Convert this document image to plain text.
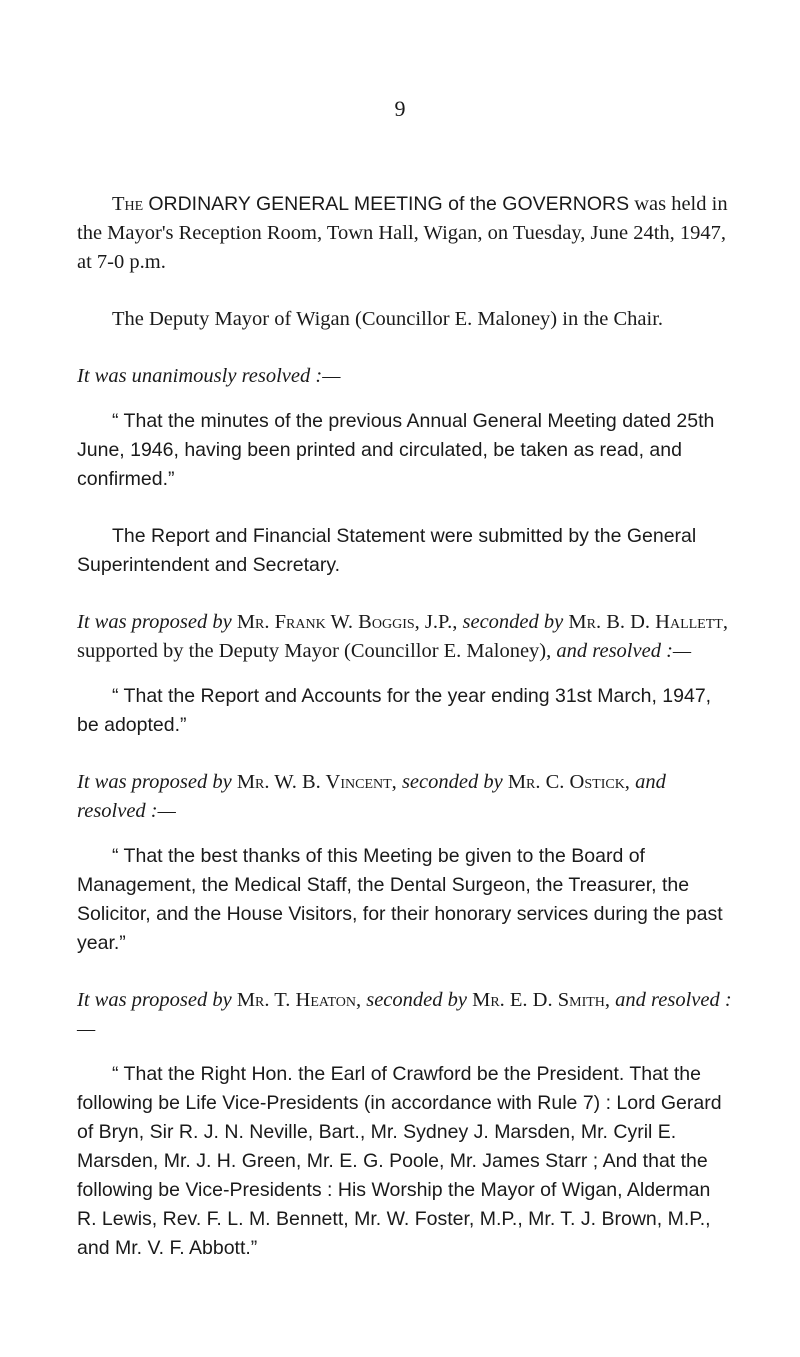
9
The ORDINARY GENERAL MEETING of the GOVERNORS was held in the Mayor's Reception Room, Town Hall, Wigan, on Tuesday, June 24th, 1947, at 7-0 p.m.
The Deputy Mayor of Wigan (Councillor E. Maloney) in the Chair.
It was unanimously resolved :—
“ That the minutes of the previous Annual General Meeting dated 25th June, 1946, having been printed and circulated, be taken as read, and confirmed.”
The Report and Financial Statement were submitted by the General Superintendent and Secretary.
It was proposed by Mr. Frank W. Boggis, J.P., seconded by Mr. B. D. Hallett, supported by the Deputy Mayor (Councillor E. Maloney), and resolved :—
“ That the Report and Accounts for the year ending 31st March, 1947, be adopted.”
It was proposed by Mr. W. B. Vincent, seconded by Mr. C. Ostick, and resolved :—
“ That the best thanks of this Meeting be given to the Board of Management, the Medical Staff, the Dental Surgeon, the Treasurer, the Solicitor, and the House Visitors, for their honorary services during the past year.”
It was proposed by Mr. T. Heaton, seconded by Mr. E. D. Smith, and resolved :—
“ That the Right Hon. the Earl of Crawford be the President. That the following be Life Vice-Presidents (in accordance with Rule 7) : Lord Gerard of Bryn, Sir R. J. N. Neville, Bart., Mr. Sydney J. Marsden, Mr. Cyril E. Marsden, Mr. J. H. Green, Mr. E. G. Poole, Mr. James Starr ; And that the following be Vice-Presidents : His Worship the Mayor of Wigan, Alderman R. Lewis, Rev. F. L. M. Bennett, Mr. W. Foster, M.P., Mr. T. J. Brown, M.P., and Mr. V. F. Abbott.”
